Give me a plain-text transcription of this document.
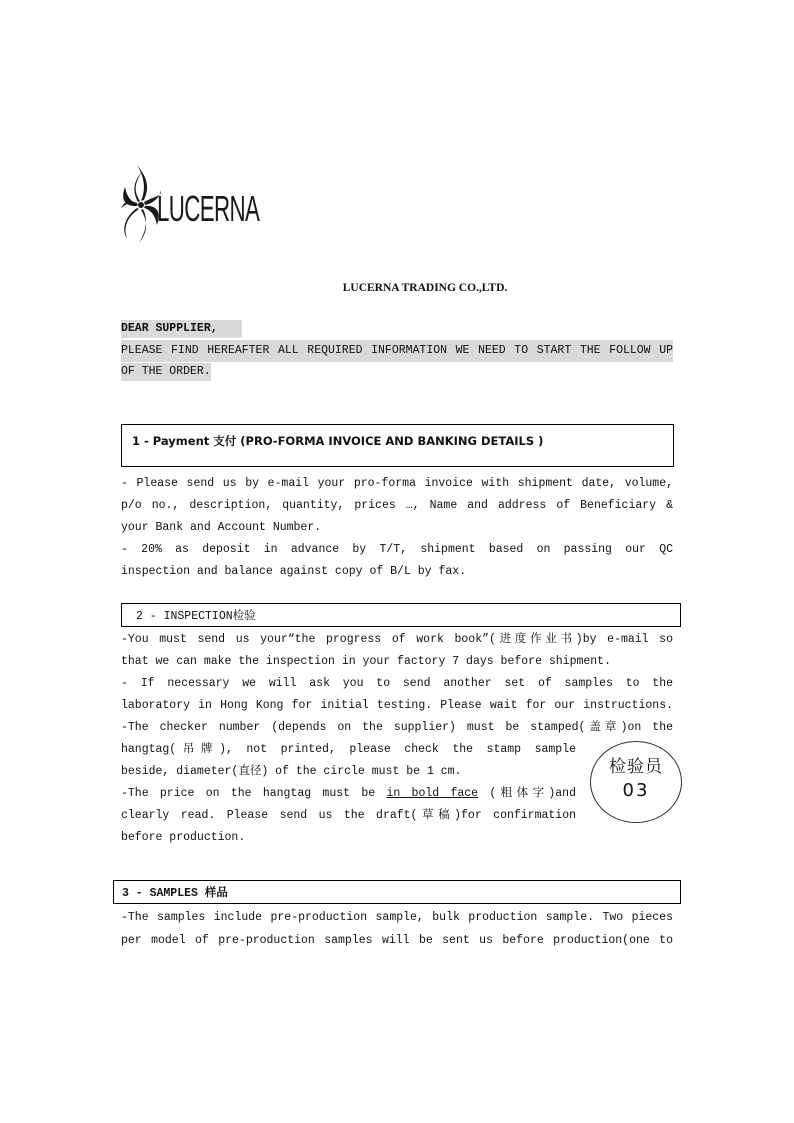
LUCERNA
LUCERNA TRADING CO.,LTD.
DEAR SUPPLIER,
PLEASE FIND HEREAFTER ALL REQUIRED INFORMATION WE NEED TO START THE FOLLOW UP
OF THE ORDER.
1 - Payment 支付 (PRO-FORMA INVOICE AND BANKING DETAILS )
- Please send us by e-mail your pro-forma invoice with shipment date, volume,
p/o no., description, quantity, prices …, Name and address of Beneficiary &
your Bank and Account Number.
- 20% as deposit in advance by T/T, shipment based on passing our QC
inspection and balance against copy of B/L by fax.
2 - INSPECTION检验
-You must send us your“the progress of work book”(进度作业书)by e-mail so
that we can make the inspection in your factory 7 days before shipment.
- If necessary we will ask you to send another set of samples to the
laboratory in Hong Kong for initial testing. Please wait for our instructions.
-The checker number (depends on the supplier) must be stamped(盖章)on the
hangtag(吊牌), not printed, please check the stamp sample
beside, diameter(直径) of the circle must be 1 cm.
-The price on the hangtag must be in bold face (粗体字)and
clearly read. Please send us the draft(草稿)for confirmation
before production.
检验员
03
3 - SAMPLES 样品
-The samples include pre-production sample, bulk production sample. Two pieces
per model of pre-production samples will be sent us before production(one to
